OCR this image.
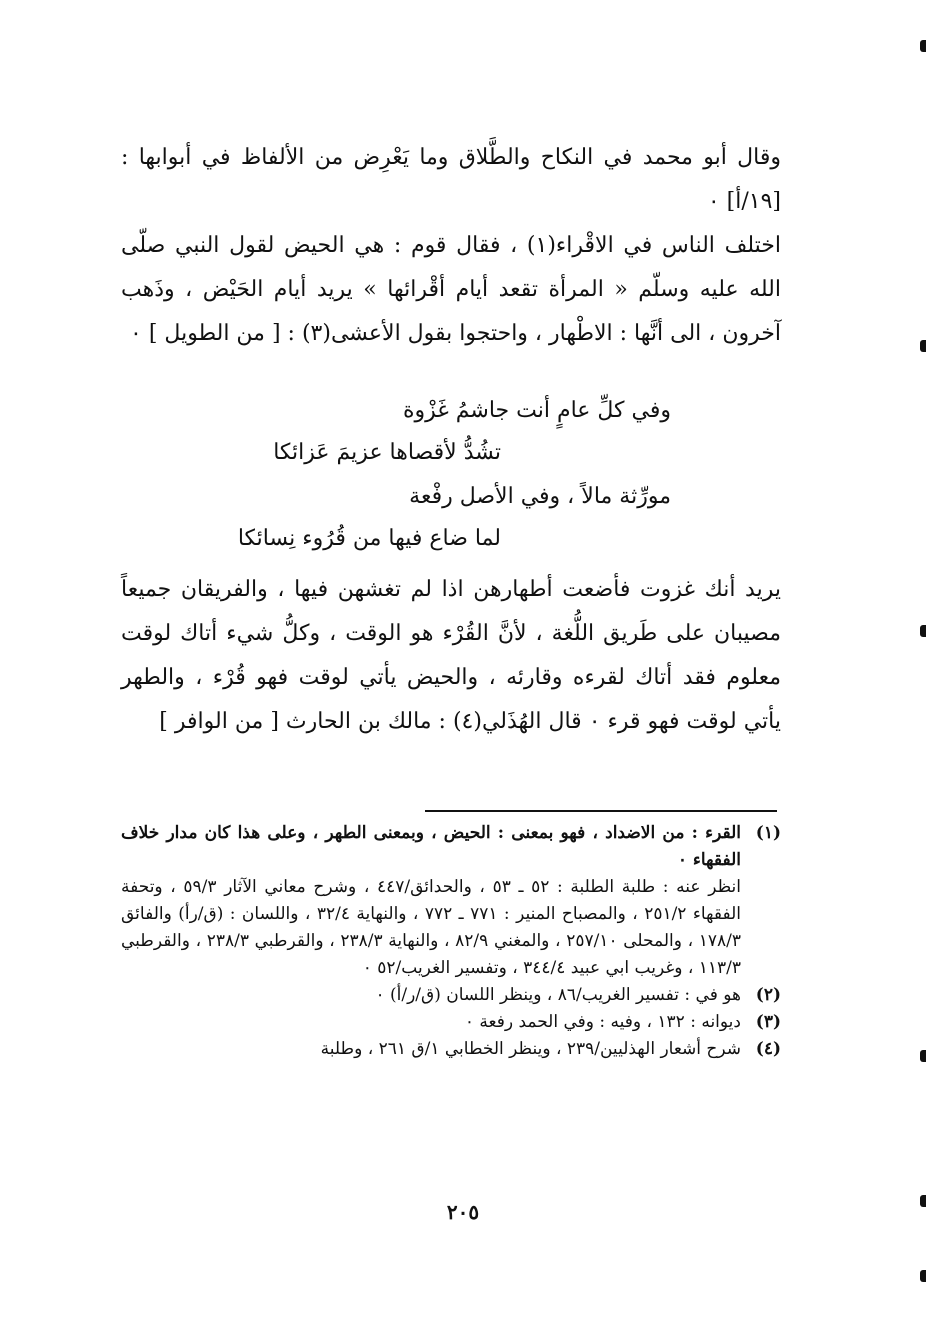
وقال أبو محمد في النكاح والطَّلاق وما يَعْرِض من الألفاظ في أبوابها : [١٩/أ] ٠

اختلف الناس في الاقْراء(١) ، فقال قوم : هي الحيض لقول النبي صلّى الله عليه وسلّم « المرأة تقعد أيام أقْرائها » يريد أيام الحَيْض ، وذَهب آخرون ، الى أنَّها : الاطْهار ، واحتجوا بقول الأعشى(٣) : [ من الطويل ] ٠

وفي كلِّ عامٍ أنت جاشمُ غَزْوة
تشُدُّ لأقصاها عزيمَ عَزائكا
مورِّثة مالاً ، وفي الأصل رفْعة
لما ضاع فيها من قُرُوء نِسائكا

يريد أنك غزوت فأضعت أطهارهن اذا لم تغشهن فيها ، والفريقان جميعاً مصيبان على طَريق اللُّغة ، لأنَّ القُرْء هو الوقت ، وكلُّ شيء أتاك لوقت معلوم فقد أتاك لقرءه وقارئه ، والحيض يأتي لوقت فهو قُرْء ، والطهر يأتي لوقت فهو قرء ٠ قال الهُذَلي(٤) : مالك بن الحارث [ من الوافر ]

(١)
القرء : من الاضداد ، فهو بمعنى : الحيض ، وبمعنى الطهر ، وعلى هذا كان مدار خلاف الفقهاء ٠
انظر عنه : طلبة الطلبة : ٥٢ ـ ٥٣ ، والحدائق/٤٤٧ ، وشرح معاني الآثار ٥٩/٣ ، وتحفة الفقهاء ٢٥١/٢ ، والمصباح المنير : ٧٧١ ـ ٧٧٢ ، والنهاية ٣٢/٤ ، واللسان : (ق/رأ) والفائق ١٧٨/٣ ، والمحلى ٢٥٧/١٠ ، والمغني ٨٢/٩ ، والنهاية ٢٣٨/٣ ، والقرطبي ٢٣٨/٣ ، والقرطبي ١١٣/٣ ، وغريب ابي عبيد ٣٤٤/٤ ، وتفسير الغريب/٥٢ ٠
(٢)
هو في : تفسير الغريب/٨٦ ، وينظر اللسان (ق/ر/أ) ٠
(٣)
ديوانه : ١٣٢ ، وفيه : وفي الحمد رفعة ٠
(٤)
شرح أشعار الهذليين/٢٣٩ ، وينظر الخطابي ١/ق ٢٦١ ، وطلبة
٢٠٥
